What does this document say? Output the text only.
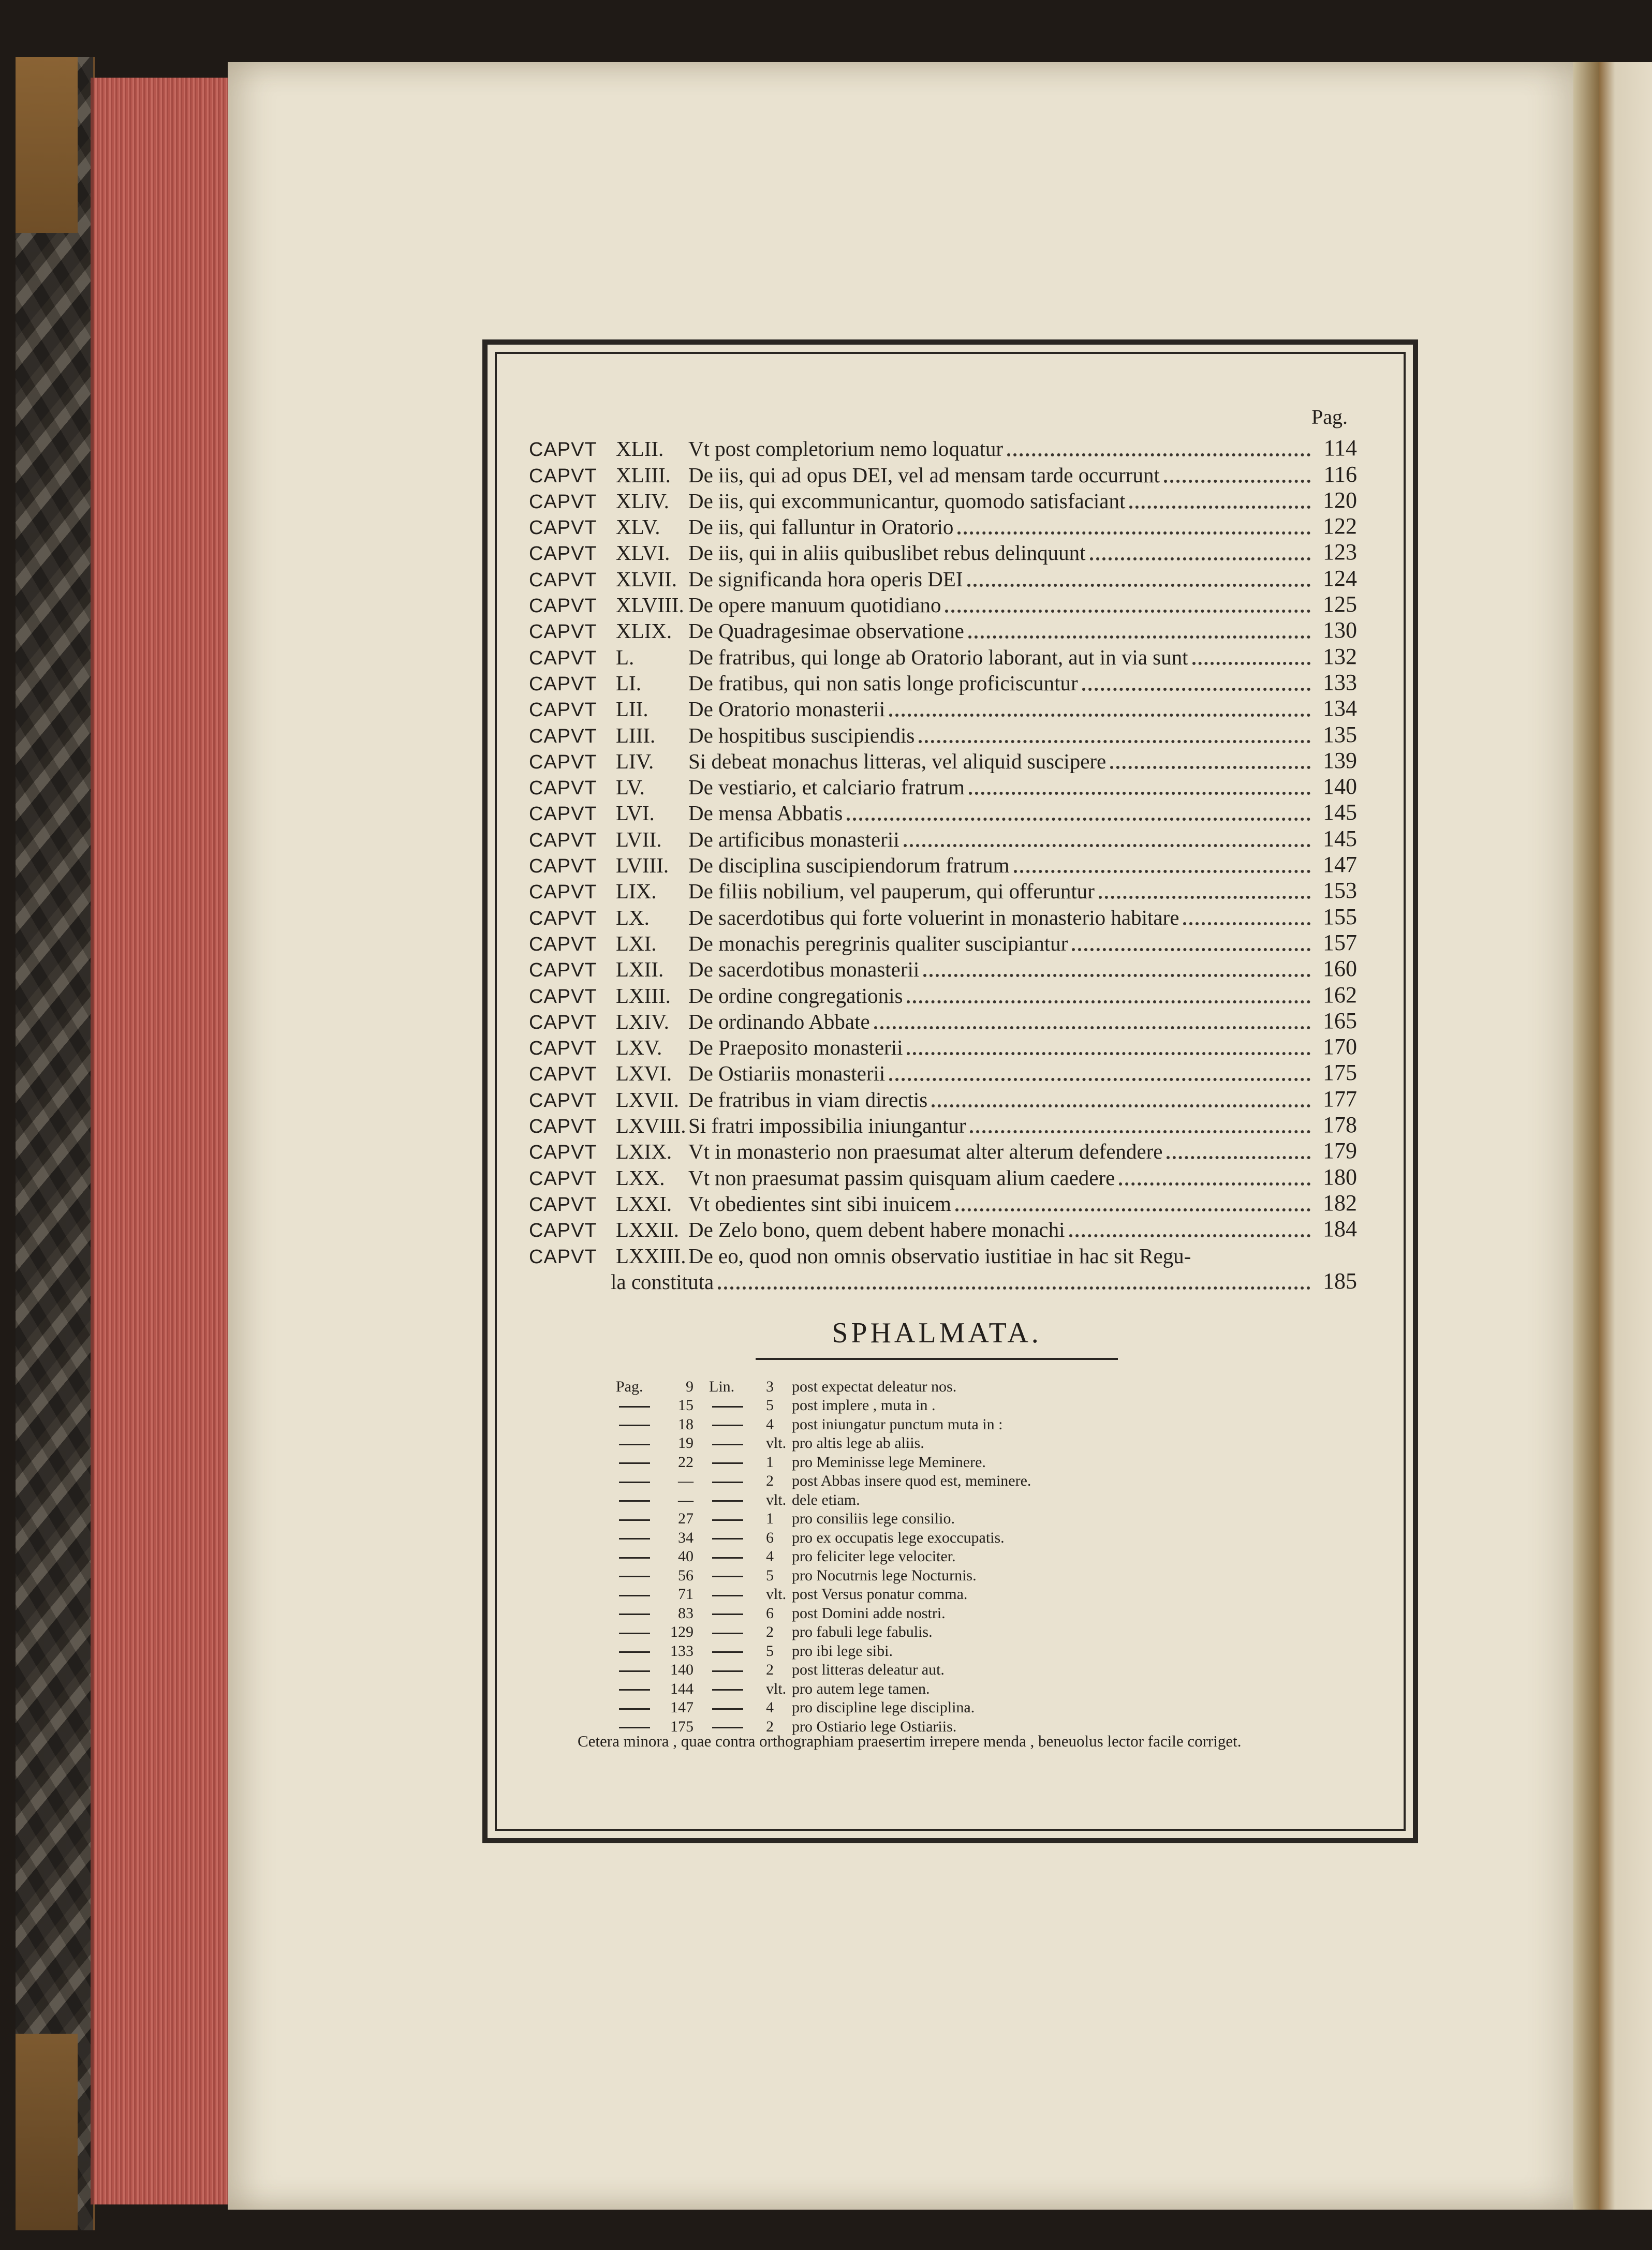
Pag.
CAPVT XLII.	Vt post completorium nemo loquatur	114
CAPVT XLIII. De iis, qui ad opus DEI, vel ad mensam tarde occurrunt	116
CAPVT XLIV. De iis, qui excommunicantur, quomodo satisfaciant	120
CAPVT XLV.	De iis, qui falluntur in Oratorio	122
CAPVT XLVI. De iis, qui in aliis quibuslibet rebus delinquunt	123
CAPVT XLVII. De significanda hora operis DEI	124
CAPVT XLVIII. De opere manuum quotidiano	125
CAPVT XLIX. De Quadragesimae observatione	130
CAPVT L.	De fratribus, qui longe ab Oratorio laborant, aut in via sunt	132
CAPVT LI.	De fratibus, qui non satis longe proficiscuntur	133
CAPVT LII.	De Oratorio monasterii	134
CAPVT LIII.	De hospitibus suscipiendis	135
CAPVT LIV.	Si debeat monachus litteras, vel aliquid suscipere	139
CAPVT LV.	De vestiario, et calciario fratrum	140
CAPVT LVI.	De mensa Abbatis	145
CAPVT LVII.	De artificibus monasterii	145
CAPVT LVIII. De disciplina suscipiendorum fratrum	147
CAPVT LIX.	De filiis nobilium, vel pauperum, qui offeruntur	153
CAPVT LX.	De sacerdotibus qui forte voluerint in monasterio habitare	155
CAPVT LXI.	De monachis peregrinis qualiter suscipiantur	157
CAPVT LXII.	De sacerdotibus monasterii	160
CAPVT LXIII. De ordine congregationis	162
CAPVT LXIV. De ordinando Abbate	165
CAPVT LXV.	De Praeposito monasterii	170
CAPVT LXVI. De Ostiariis monasterii	175
CAPVT LXVII. De fratribus in viam directis	177
CAPVT LXVIII. Si fratri impossibilia iniungantur	178
CAPVT LXIX. Vt in monasterio non praesumat alter alterum defendere	179
CAPVT LXX.	Vt non praesumat passim quisquam alium caedere	180
CAPVT LXXI. Vt obedientes sint sibi inuicem	182
CAPVT LXXII. De Zelo bono, quem debent habere monachi	184
CAPVT LXXIII. De eo, quod non omnis observatio iustitiae in hac sit Regu-
la constituta	185
SPHALMATA.
Pag.	9 Lin.	3	post expectat deleatur nos.
15	5	post implere , muta in .
18	4	post iniungatur punctum muta in :
19	vlt. pro altis lege ab aliis.
22	1	pro Meminisse lege Meminere.
—	2	post Abbas insere quod est, meminere.
—	vlt. dele etiam.
27	1	pro consiliis lege consilio.
34	6	pro ex occupatis lege exoccupatis.
40	4	pro feliciter lege velociter.
56	5	pro Nocutrnis lege Nocturnis.
71	vlt. post Versus ponatur comma.
83	6	post Domini adde nostri.
129	2	pro fabuli lege fabulis.
133	5	pro ibi lege sibi.
140	2	post litteras deleatur aut.
144	vlt. pro autem lege tamen.
147	4	pro discipline lege disciplina.
175	2	pro Ostiario lege Ostiariis.
Cetera minora , quae contra orthographiam praesertim irrepere menda , beneuolus lector facile corriget.
